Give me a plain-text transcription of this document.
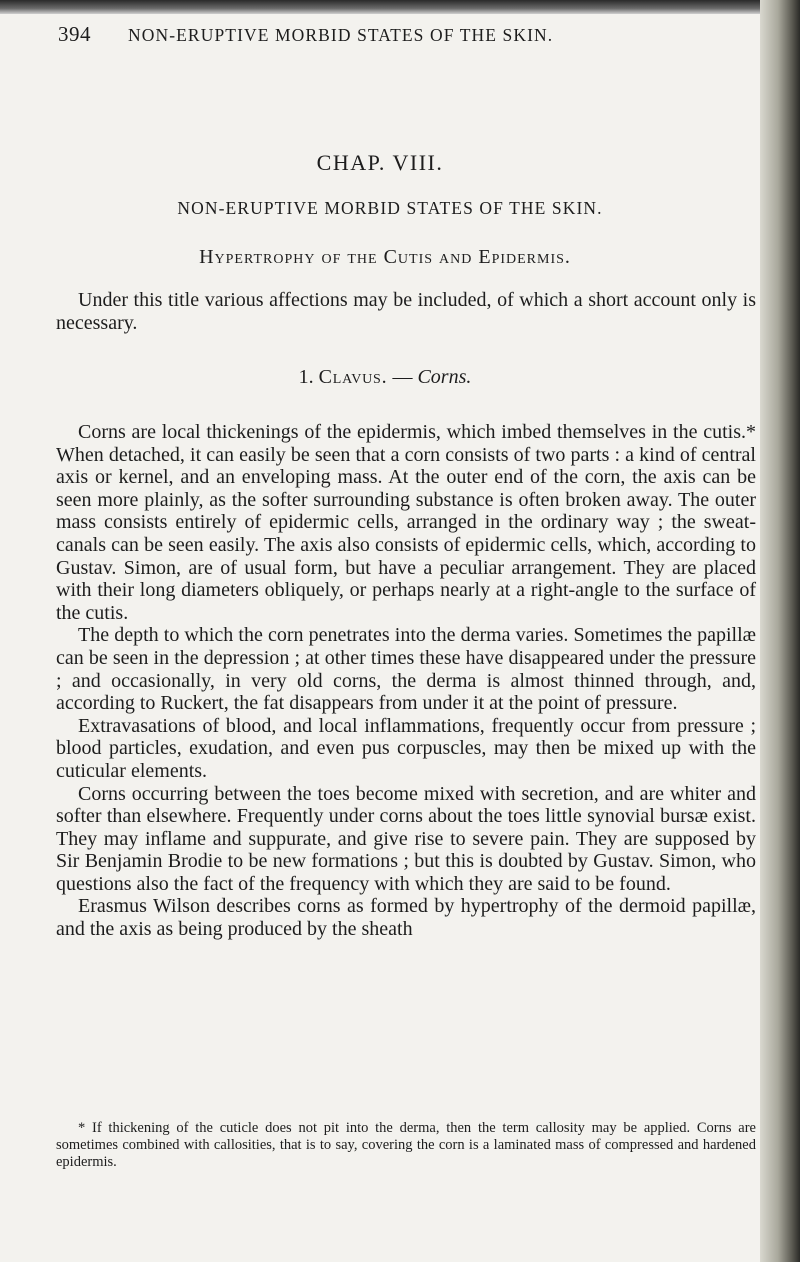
394 NON-ERUPTIVE MORBID STATES OF THE SKIN.
CHAP. VIII.
NON-ERUPTIVE MORBID STATES OF THE SKIN.
Hypertrophy of the Cutis and Epidermis.

Under this title various affections may be included, of which a short account only is necessary.

1. Clavus. — Corns.

Corns are local thickenings of the epidermis, which imbed themselves in the cutis.* When detached, it can easily be seen that a corn consists of two parts : a kind of central axis or kernel, and an enveloping mass. At the outer end of the corn, the axis can be seen more plainly, as the softer surrounding substance is often broken away. The outer mass consists entirely of epidermic cells, arranged in the ordinary way ; the sweat-canals can be seen easily. The axis also consists of epidermic cells, which, according to Gustav. Simon, are of usual form, but have a peculiar arrangement. They are placed with their long diameters obliquely, or perhaps nearly at a right-angle to the surface of the cutis.

The depth to which the corn penetrates into the derma varies. Sometimes the papillæ can be seen in the depression ; at other times these have disappeared under the pressure ; and occasionally, in very old corns, the derma is almost thinned through, and, according to Ruckert, the fat disappears from under it at the point of pressure.

Extravasations of blood, and local inflammations, frequently occur from pressure ; blood particles, exudation, and even pus corpuscles, may then be mixed up with the cuticular elements.

Corns occurring between the toes become mixed with secretion, and are whiter and softer than elsewhere. Frequently under corns about the toes little synovial bursæ exist. They may inflame and suppurate, and give rise to severe pain. They are supposed by Sir Benjamin Brodie to be new formations ; but this is doubted by Gustav. Simon, who questions also the fact of the frequency with which they are said to be found.

Erasmus Wilson describes corns as formed by hypertrophy of the dermoid papillæ, and the axis as being produced by the sheath

* If thickening of the cuticle does not pit into the derma, then the term callosity may be applied. Corns are sometimes combined with callosities, that is to say, covering the corn is a laminated mass of compressed and hardened epidermis.
